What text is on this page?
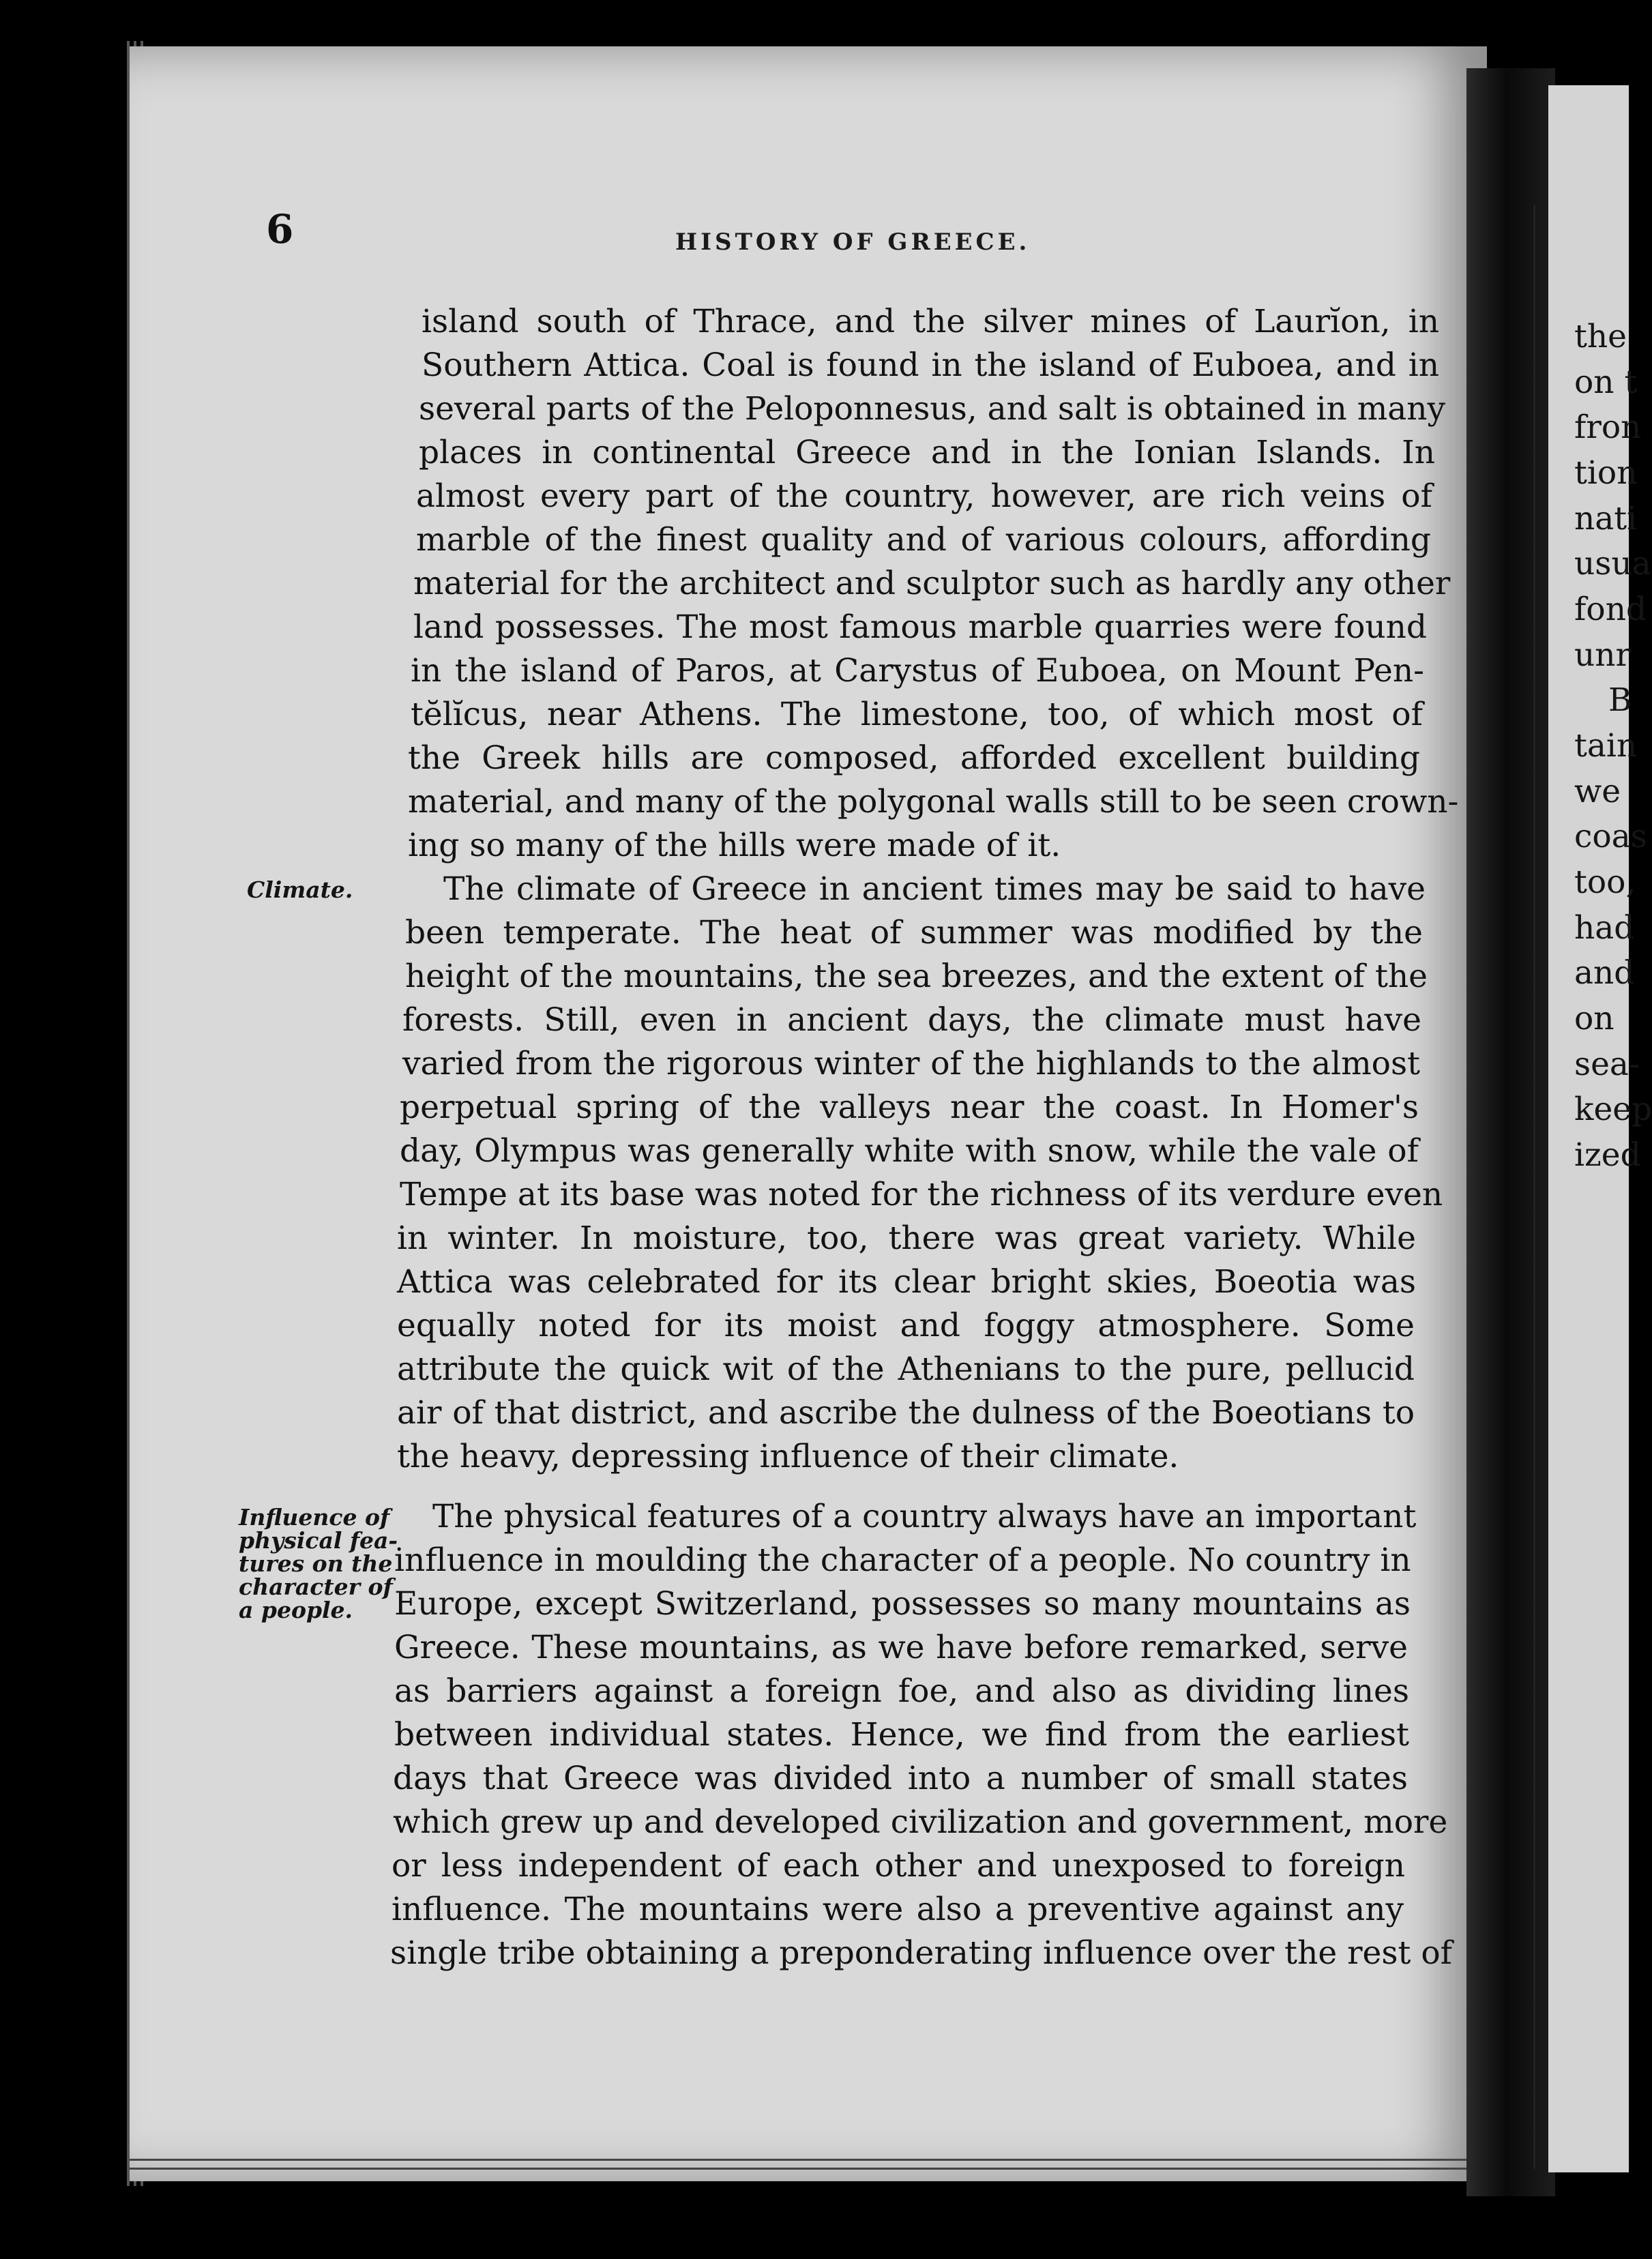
the
on t
fron
tion
nati
usua
fond
unr
B
tain
we
coas
too,
had
and
on
sea-
keep
ized
6	HISTORY OF GREECE.
island south of Thrace, and the silver mines of Laurĭon, in
Southern Attica. Coal is found in the island of Euboea, and in
several parts of the Peloponnesus, and salt is obtained in many
places in continental Greece and in the Ionian Islands. In
almost every part of the country, however, are rich veins of
marble of the finest quality and of various colours, affording
material for the architect and sculptor such as hardly any other
land possesses. The most famous marble quarries were found
in the island of Paros, at Carystus of Euboea, on Mount Pen-
tĕlĭcus, near Athens. The limestone, too, of which most of
the Greek hills are composed, afforded excellent building
material, and many of the polygonal walls still to be seen crown-
ing so many of the hills were made of it.
Climate.	The climate of Greece in ancient times may be said to have
been temperate. The heat of summer was modified by the
height of the mountains, the sea breezes, and the extent of the
forests. Still, even in ancient days, the climate must have
varied from the rigorous winter of the highlands to the almost
perpetual spring of the valleys near the coast. In Homer's
day, Olympus was generally white with snow, while the vale of
Tempe at its base was noted for the richness of its verdure even
in winter. In moisture, too, there was great variety. While
Attica was celebrated for its clear bright skies, Boeotia was
equally noted for its moist and foggy atmosphere. Some
attribute the quick wit of the Athenians to the pure, pellucid
air of that district, and ascribe the dulness of the Boeotians to
the heavy, depressing influence of their climate.
Influence of
physical fea-
tures on the
character of
a people.
The physical features of a country always have an important
influence in moulding the character of a people. No country in
Europe, except Switzerland, possesses so many mountains as
Greece. These mountains, as we have before remarked, serve
as barriers against a foreign foe, and also as dividing lines
between individual states. Hence, we find from the earliest
days that Greece was divided into a number of small states
which grew up and developed civilization and government, more
or less independent of each other and unexposed to foreign
influence. The mountains were also a preventive against any
single tribe obtaining a preponderating influence over the rest of
